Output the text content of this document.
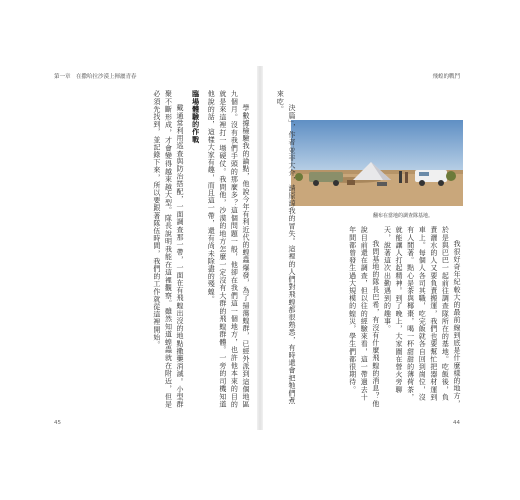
第一章　在撒哈拉沙漠上揮灑青春

學數據檢驗我的論點，他說今年有利近代的蝗蟲爆發，為了掃蕩蝗群，已經外派到這個地區九個月。沒有我們手頭的那麼多？這個問題一般，他卻在我們這一個地方，也許他本來的目的就是來這裡打一場硬仗。我問他，沙漠的地方怎麼一定沒有大群的飛蝗群體。一旁的司機知道他說的話，這樣大家有趣，而且這一帶，還有尚未除盡的殘蝗。

臨場體驗的作戰

戴通常利用巡查與防治搭配，一面調查那一帶，一面在有飛蝗出沒的地點撒藥消滅。小型群聚不斷形成，才會變得越來越大型。隊長說明我能在這裡觀察。雖然知道蝗蟲就在附近，但是必須先找到，並記錄下來，所以要跟著隊伍時間，我們的工作就從這裡開始。

45
飛蝗的戰鬥
翻布在當地的調查隊基地。

我很好奇年紀較大的最前線到底是什麼樣的地方，於是與巴巴一起前往調查隊所在的基地。吃飯後，負責灑水的人又要負責搬運，我們也要幫忙把器材運到車上。每個人各司其職，吃完飯就各自回到崗位，沒有人閒著。點心是茶與椰棗，喝一杯甜甜的薄荷茶，就能讓人打起精神。到了晚上，大家圍在營火旁聊天，說著這次出勤遇到的趣事。

我問基地的隊長巴希，有沒有什麼飛蝗的消息？他說目前還在調查，但以往的經驗來看，這一帶過去十年間都曾發生過大規模的蝗災，學生們都很期待。

決篇」，作者並非大介，請原諒我的冒失。這裡的人們對飛蝗都很熟悉，有時還會把牠們煮來吃。

44
